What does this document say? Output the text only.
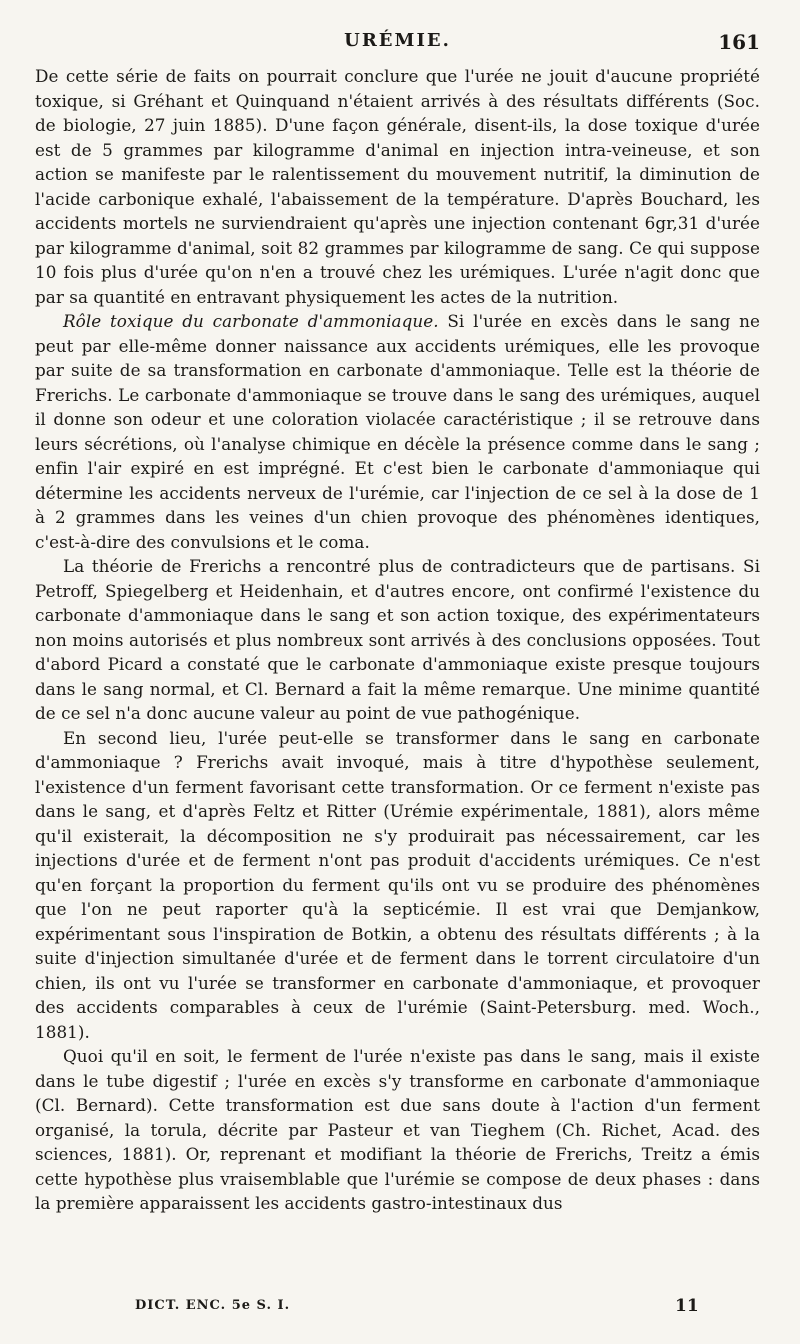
URÉMIE.	161

De cette série de faits on pourrait conclure que l'urée ne jouit d'aucune propriété toxique, si Gréhant et Quinquand n'étaient arrivés à des résultats différents (Soc. de biologie, 27 juin 1885). D'une façon générale, disent-ils, la dose toxique d'urée est de 5 grammes par kilogramme d'animal en injection intra-veineuse, et son action se manifeste par le ralentissement du mouvement nutritif, la diminution de l'acide carbonique exhalé, l'abaissement de la température. D'après Bouchard, les accidents mortels ne surviendraient qu'après une injection contenant 6gr,31 d'urée par kilogramme d'animal, soit 82 grammes par kilogramme de sang. Ce qui suppose 10 fois plus d'urée qu'on n'en a trouvé chez les urémiques. L'urée n'agit donc que par sa quantité en entravant physiquement les actes de la nutrition.

Rôle toxique du carbonate d'ammoniaque. Si l'urée en excès dans le sang ne peut par elle-même donner naissance aux accidents urémiques, elle les provoque par suite de sa transformation en carbonate d'ammoniaque. Telle est la théorie de Frerichs. Le carbonate d'ammoniaque se trouve dans le sang des urémiques, auquel il donne son odeur et une coloration violacée caractéristique ; il se retrouve dans leurs sécrétions, où l'analyse chimique en décèle la présence comme dans le sang ; enfin l'air expiré en est imprégné. Et c'est bien le carbonate d'ammoniaque qui détermine les accidents nerveux de l'urémie, car l'injection de ce sel à la dose de 1 à 2 grammes dans les veines d'un chien provoque des phénomènes identiques, c'est-à-dire des convulsions et le coma.

La théorie de Frerichs a rencontré plus de contradicteurs que de partisans. Si Petroff, Spiegelberg et Heidenhain, et d'autres encore, ont confirmé l'existence du carbonate d'ammoniaque dans le sang et son action toxique, des expérimentateurs non moins autorisés et plus nombreux sont arrivés à des conclusions opposées. Tout d'abord Picard a constaté que le carbonate d'ammoniaque existe presque toujours dans le sang normal, et Cl. Bernard a fait la même remarque. Une minime quantité de ce sel n'a donc aucune valeur au point de vue pathogénique.

En second lieu, l'urée peut-elle se transformer dans le sang en carbonate d'ammoniaque ? Frerichs avait invoqué, mais à titre d'hypothèse seulement, l'existence d'un ferment favorisant cette transformation. Or ce ferment n'existe pas dans le sang, et d'après Feltz et Ritter (Urémie expérimentale, 1881), alors même qu'il existerait, la décomposition ne s'y produirait pas nécessairement, car les injections d'urée et de ferment n'ont pas produit d'accidents urémiques. Ce n'est qu'en forçant la proportion du ferment qu'ils ont vu se produire des phénomènes que l'on ne peut raporter qu'à la septicémie. Il est vrai que Demjankow, expérimentant sous l'inspiration de Botkin, a obtenu des résultats différents ; à la suite d'injection simultanée d'urée et de ferment dans le torrent circulatoire d'un chien, ils ont vu l'urée se transformer en carbonate d'ammoniaque, et provoquer des accidents comparables à ceux de l'urémie (Saint-Petersburg. med. Woch., 1881).

Quoi qu'il en soit, le ferment de l'urée n'existe pas dans le sang, mais il existe dans le tube digestif ; l'urée en excès s'y transforme en carbonate d'ammoniaque (Cl. Bernard). Cette transformation est due sans doute à l'action d'un ferment organisé, la torula, décrite par Pasteur et van Tieghem (Ch. Richet, Acad. des sciences, 1881). Or, reprenant et modifiant la théorie de Frerichs, Treitz a émis cette hypothèse plus vraisemblable que l'urémie se compose de deux phases : dans la première apparaissent les accidents gastro-intestinaux dus

DICT. ENC. 5e S. I.	11
